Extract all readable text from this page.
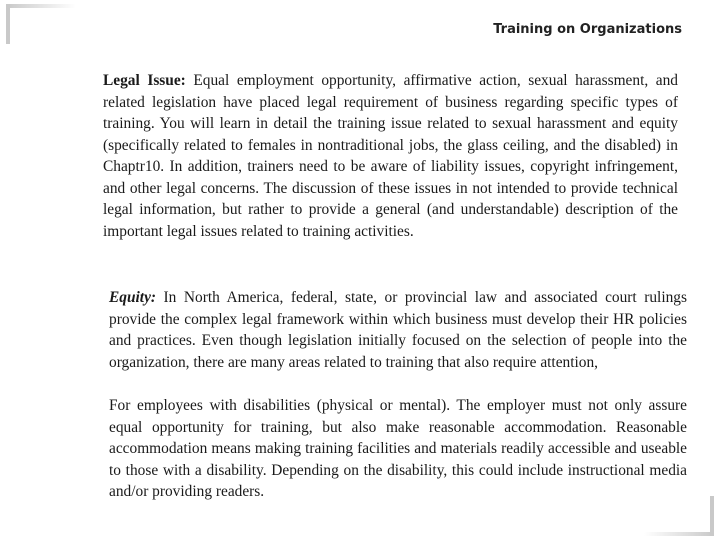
Training on Organizations

Legal Issue: Equal employment opportunity, affirmative action, sexual harassment, and related legislation have placed legal requirement of business regarding specific types of training. You will learn in detail the training issue related to sexual harassment and equity (specifically related to females in nontraditional jobs, the glass ceiling, and the disabled) in Chaptr10. In addition, trainers need to be aware of liability issues, copyright infringement, and other legal concerns. The discussion of these issues in not intended to provide technical legal information, but rather to provide a general (and understandable) description of the important legal issues related to training activities.

Equity: In North America, federal, state, or provincial law and associated court rulings provide the complex legal framework within which business must develop their HR policies and practices. Even though legislation initially focused on the selection of people into the organization, there are many areas related to training that also require attention,

For employees with disabilities (physical or mental). The employer must not only assure equal opportunity for training, but also make reasonable accommodation. Reasonable accommodation means making training facilities and materials readily accessible and useable to those with a disability. Depending on the disability, this could include instructional media and/or providing readers.
